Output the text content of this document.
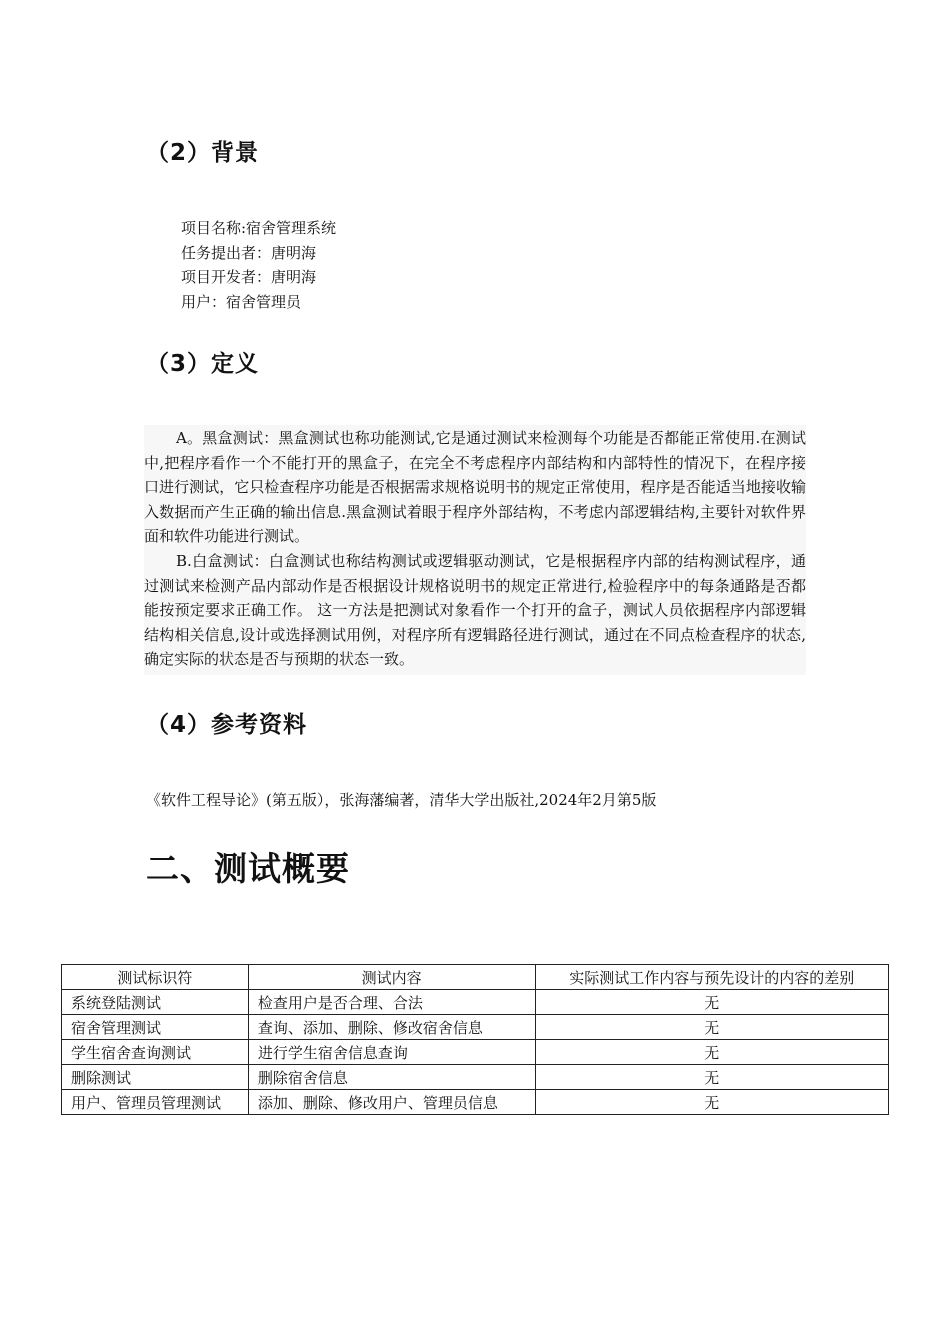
（2）背景
项目名称:宿舍管理系统
任务提出者：唐明海
项目开发者：唐明海
用户：宿舍管理员
（3）定义

A。黑盒测试：黑盒测试也称功能测试,它是通过测试来检测每个功能是否都能正常使用.在测试中,把程序看作一个不能打开的黑盒子，在完全不考虑程序内部结构和内部特性的情况下，在程序接口进行测试，它只检查程序功能是否根据需求规格说明书的规定正常使用，程序是否能适当地接收输入数据而产生正确的输出信息.黑盒测试着眼于程序外部结构，不考虑内部逻辑结构,主要针对软件界面和软件功能进行测试。

B.白盒测试：白盒测试也称结构测试或逻辑驱动测试，它是根据程序内部的结构测试程序，通过测试来检测产品内部动作是否根据设计规格说明书的规定正常进行,检验程序中的每条通路是否都能按预定要求正确工作。 这一方法是把测试对象看作一个打开的盒子，测试人员依据程序内部逻辑结构相关信息,设计或选择测试用例，对程序所有逻辑路径进行测试，通过在不同点检查程序的状态,确定实际的状态是否与预期的状态一致。

（4）参考资料
《软件工程导论》(第五版），张海藩编著，清华大学出版社,2024年2月第5版
二、测试概要
测试标识符	测试内容	实际测试工作内容与预先设计的内容的差别
系统登陆测试	检查用户是否合理、合法	无
宿舍管理测试	查询、添加、删除、修改宿舍信息	无
学生宿舍查询测试	进行学生宿舍信息查询	无
删除测试	删除宿舍信息	无
用户、管理员管理测试	添加、删除、修改用户、管理员信息	无
